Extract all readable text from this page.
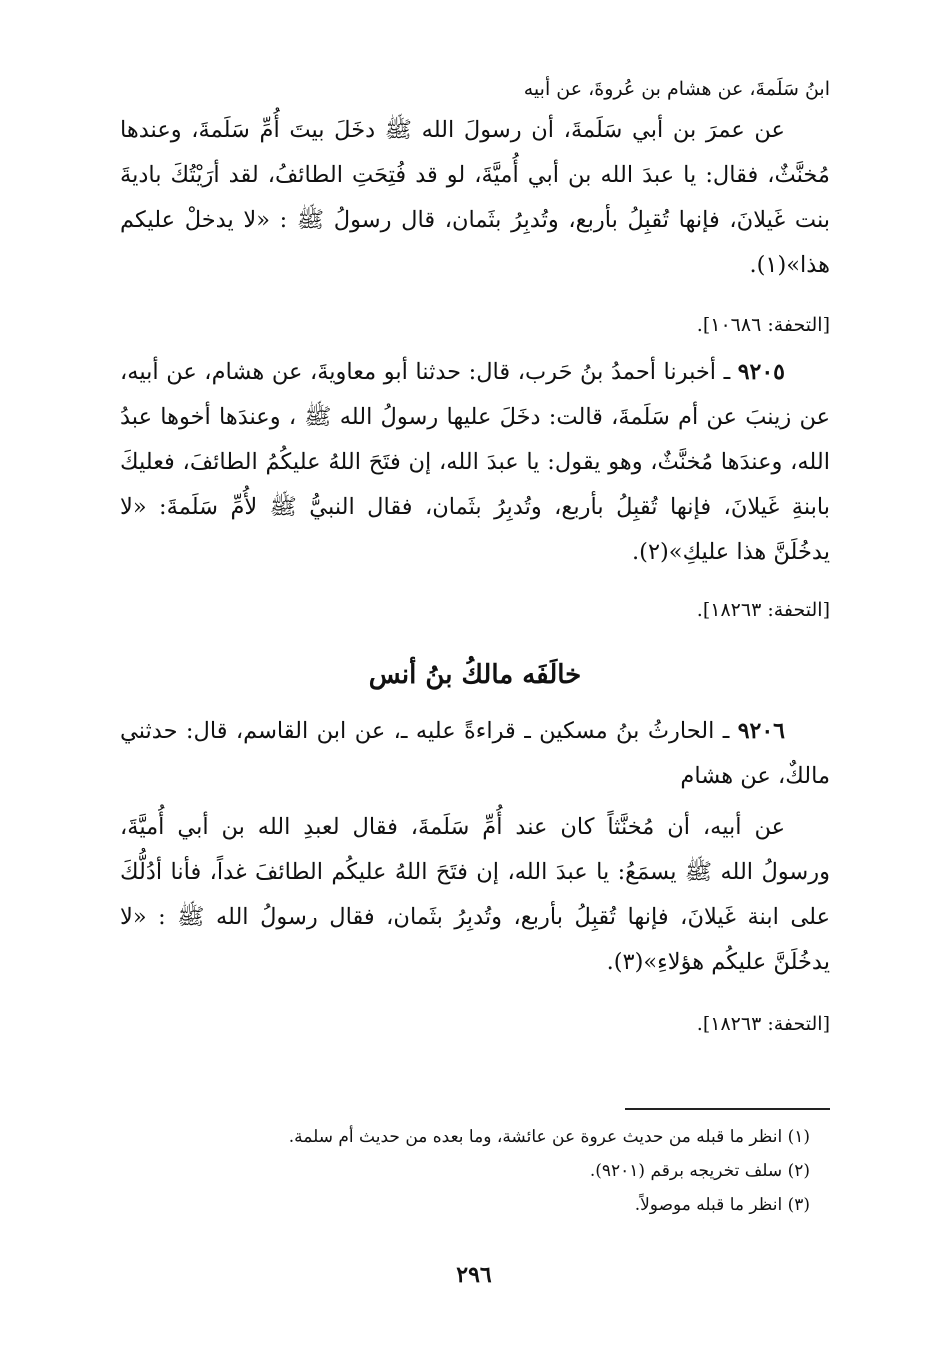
ابنُ سَلَمةَ، عن هشام بن عُروةَ، عن أبيه

عن عمرَ بن أبي سَلَمةَ، أن رسولَ الله ﷺ دخَلَ بيتَ أُمِّ سَلَمةَ، وعندها مُخنَّثٌ، فقال: يا عبدَ الله بن أبي أُميَّةَ، لو قد فُتِحَتِ الطائفُ، لقد أرَيْتُكَ باديةَ بنت غَيلانَ، فإنها تُقبِلُ بأربع، وتُدبِرُ بثَمان، قال رسولُ ﷺ : «لا يدخلْ عليكم هذا»(١).

[التحفة: ١٠٦٨٦].

٩٢٠٥ ـ أخبرنا أحمدُ بنُ حَرب، قال: حدثنا أبو معاويةَ، عن هشام، عن أبيه، عن زينبَ عن أم سَلَمةَ، قالت: دخَلَ عليها رسولُ الله ﷺ ، وعندَها أخوها عبدُ الله، وعندَها مُخنَّثٌ، وهو يقول: يا عبدَ الله، إن فتَحَ اللهُ عليكُمُ الطائفَ، فعليكَ بابنةِ غَيلانَ، فإنها تُقبِلُ بأربع، وتُدبِرُ بثَمان، فقال النبيُّ ﷺ لأُمِّ سَلَمةَ: «لا يدخُلَنَّ هذا عليكِ»(٢).

[التحفة: ١٨٢٦٣].

خالَفَه مالكُ بنُ أنس

٩٢٠٦ ـ الحارثُ بنُ مسكين ـ قراءةً عليه ـ، عن ابن القاسم، قال: حدثني مالكٌ، عن هشام

عن أبيه، أن مُخنَّثاً كان عند أُمِّ سَلَمةَ، فقال لعبدِ الله بن أبي أُميَّةَ، ورسولُ الله ﷺ يسمَعُ: يا عبدَ الله، إن فتَحَ اللهُ عليكُم الطائفَ غداً، فأنا أدُلُّكَ على ابنة غَيلانَ، فإنها تُقبِلُ بأربع، وتُدبِرُ بثَمان، فقال رسولُ الله ﷺ : «لا يدخُلَنَّ عليكُم هؤلاءِ»(٣).

[التحفة: ١٨٢٦٣].

(١) انظر ما قبله من حديث عروة عن عائشة، وما بعده من حديث أم سلمة.

(٢) سلف تخريجه برقم (٩٢٠١).

(٣) انظر ما قبله موصولاً.

٢٩٦
